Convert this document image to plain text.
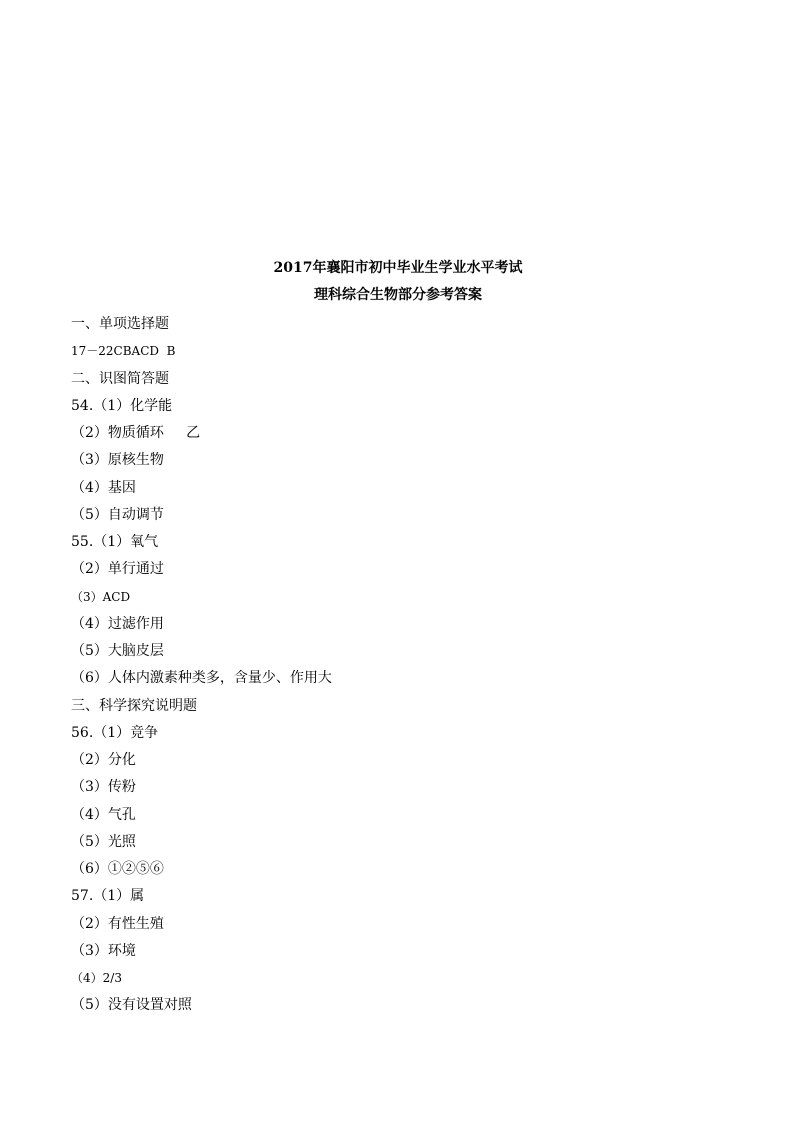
2017年襄阳市初中毕业生学业水平考试
理科综合生物部分参考答案
一、单项选择题
17－22CBACD  B
二、识图简答题
54.（1）化学能
（2）物质循环     乙
（3）原核生物
（4）基因
（5）自动调节
55.（1）氧气
（2）单行通过
（3）ACD
（4）过滤作用
（5）大脑皮层
（6）人体内激素种类多，含量少、作用大
三、科学探究说明题
56.（1）竞争
（2）分化
（3）传粉
（4）气孔
（5）光照
（6）①②⑤⑥
57.（1）属
（2）有性生殖
（3）环境
（4）2/3
（5）没有设置对照
